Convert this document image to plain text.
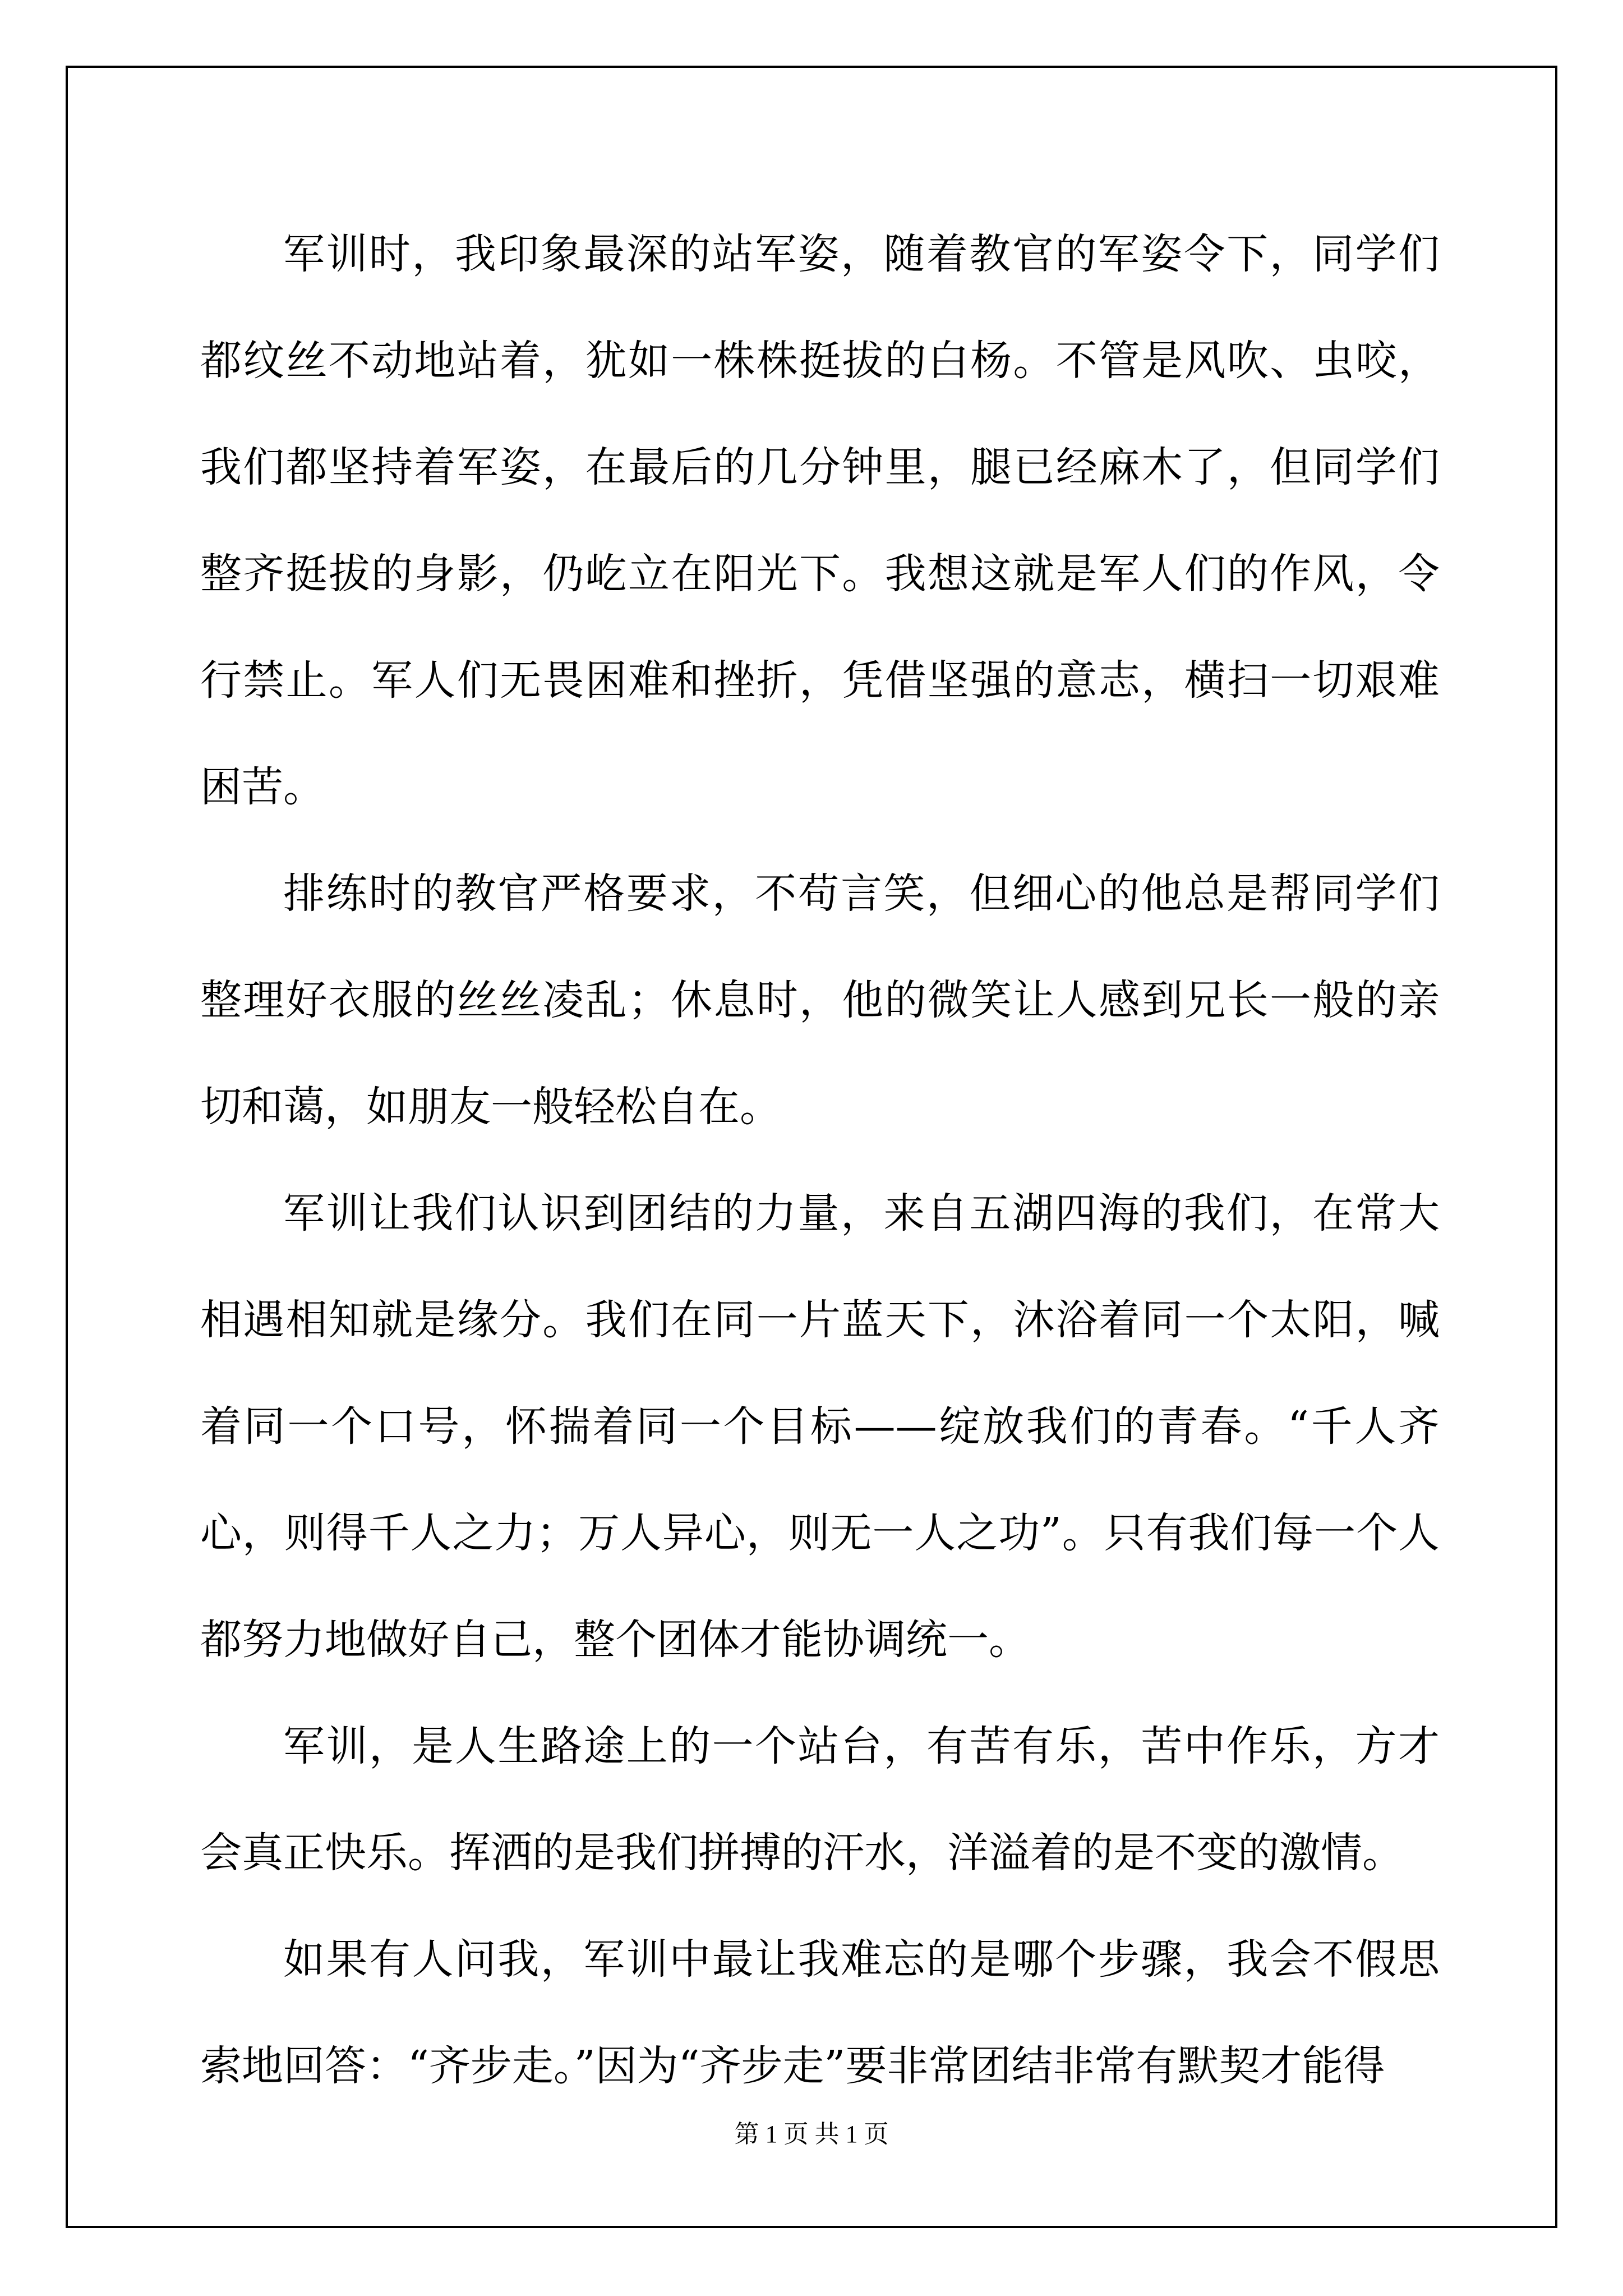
军训时，我印象最深的站军姿，随着教官的军姿令下，同学们都纹丝不动地站着，犹如一株株挺拔的白杨。不管是风吹、虫咬，我们都坚持着军姿，在最后的几分钟里，腿已经麻木了，但同学们整齐挺拔的身影，仍屹立在阳光下。我想这就是军人们的作风，令行禁止。军人们无畏困难和挫折，凭借坚强的意志，横扫一切艰难困苦。

排练时的教官严格要求，不苟言笑，但细心的他总是帮同学们整理好衣服的丝丝凌乱；休息时，他的微笑让人感到兄长一般的亲切和蔼，如朋友一般轻松自在。

军训让我们认识到团结的力量，来自五湖四海的我们，在常大相遇相知就是缘分。我们在同一片蓝天下，沐浴着同一个太阳，喊着同一个口号，怀揣着同一个目标——绽放我们的青春。“千人齐心，则得千人之力；万人异心，则无一人之功”。只有我们每一个人都努力地做好自己，整个团体才能协调统一。

军训，是人生路途上的一个站台，有苦有乐，苦中作乐，方才会真正快乐。挥洒的是我们拼搏的汗水，洋溢着的是不变的激情。

如果有人问我，军训中最让我难忘的是哪个步骤，我会不假思索地回答：“齐步走。”因为“齐步走”要非常团结非常有默契才能得

第 1 页 共 1 页
